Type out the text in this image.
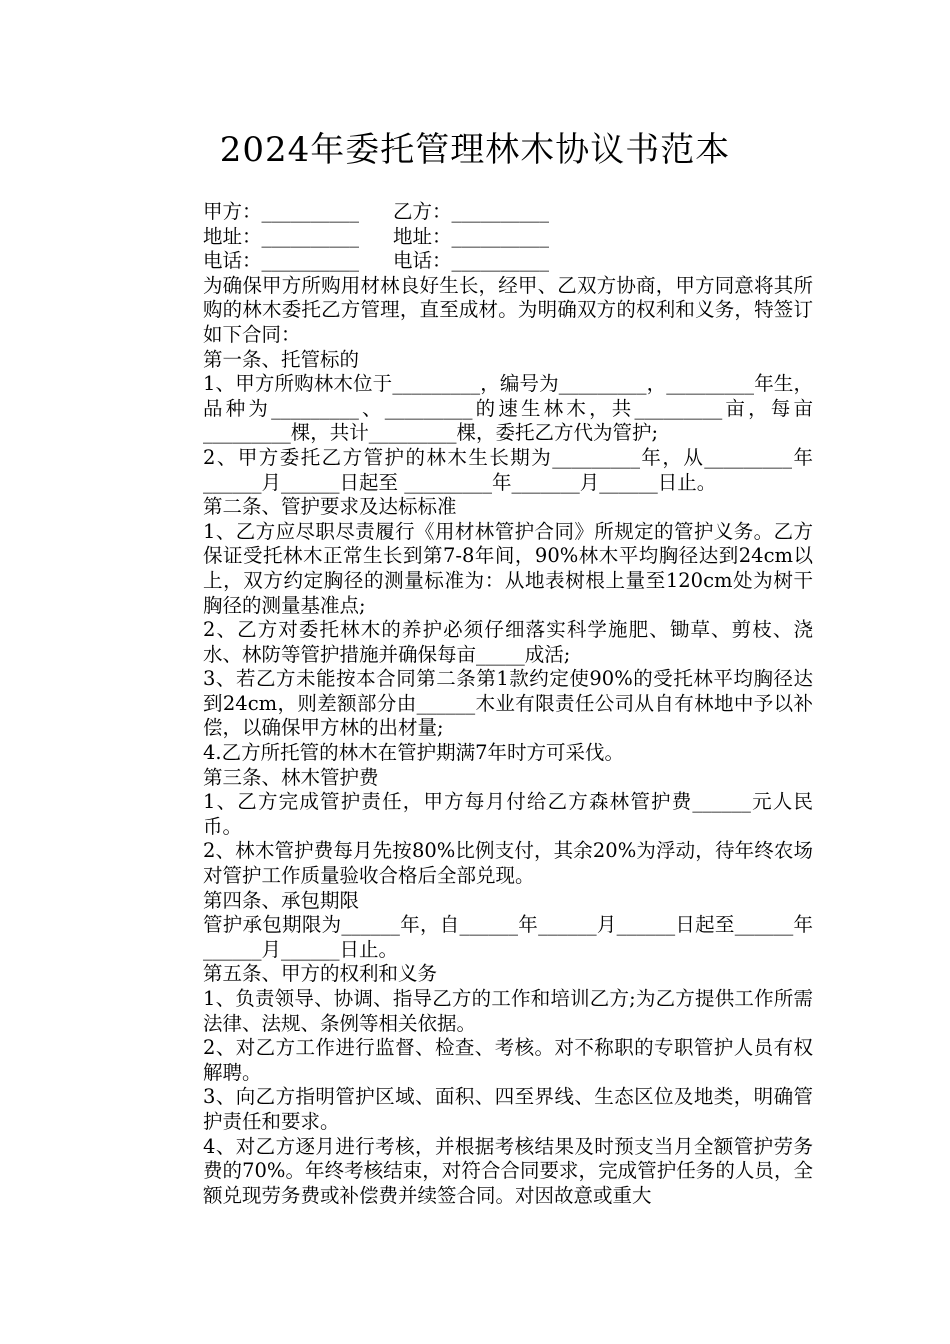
2024年委托管理林木协议书范本
甲方：__________	乙方：__________
地址：__________	地址：__________
电话：__________	电话：__________

为确保甲方所购用材林良好生长，经甲、乙双方协商，甲方同意将其所购的林木委托乙方管理，直至成材。为明确双方的权利和义务，特签订如下合同：

第一条、托管标的

1、甲方所购林木位于_________，编号为_________，_________年生，品种为_________、_________的速生林木，共_________亩，每亩_________棵，共计_________棵，委托乙方代为管护;

2、甲方委托乙方管护的林木生长期为_________年，从_________年______月______日起至 _________年_______月______日止。

第二条、管护要求及达标标准

1、乙方应尽职尽责履行《用材林管护合同》所规定的管护义务。乙方保证受托林木正常生长到第7-8年间，90%林木平均胸径达到24cm以上，双方约定胸径的测量标准为：从地表树根上量至120cm处为树干胸径的测量基准点;

2、乙方对委托林木的养护必须仔细落实科学施肥、锄草、剪枝、浇水、林防等管护措施并确保每亩_____成活;

3、若乙方未能按本合同第二条第1款约定使90%的受托林平均胸径达到24cm，则差额部分由______木业有限责任公司从自有林地中予以补偿，以确保甲方林的出材量;

4.乙方所托管的林木在管护期满7年时方可采伐。

第三条、林木管护费

1、乙方完成管护责任，甲方每月付给乙方森林管护费______元人民币。

2、林木管护费每月先按80%比例支付，其余20%为浮动，待年终农场对管护工作质量验收合格后全部兑现。

第四条、承包期限

管护承包期限为______年，自______年______月______日起至______年______月______日止。

第五条、甲方的权利和义务

1、负责领导、协调、指导乙方的工作和培训乙方;为乙方提供工作所需法律、法规、条例等相关依据。

2、对乙方工作进行监督、检查、考核。对不称职的专职管护人员有权解聘。

3、向乙方指明管护区域、面积、四至界线、生态区位及地类，明确管护责任和要求。

4、对乙方逐月进行考核，并根据考核结果及时预支当月全额管护劳务费的70%。年终考核结束，对符合合同要求，完成管护任务的人员，全额兑现劳务费或补偿费并续签合同。对因故意或重大
